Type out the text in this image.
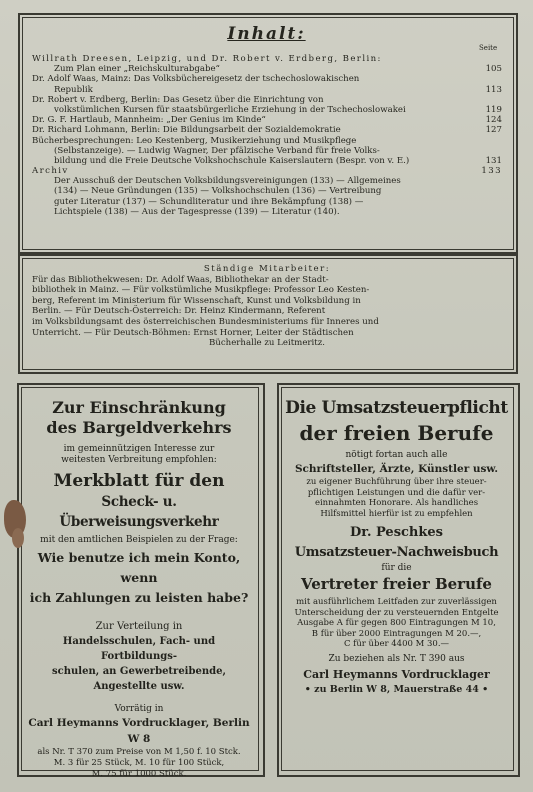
Inhalt:
Seite
Willrath Dreesen, Leipzig, und Dr. Robert v. Erdberg, Berlin:
Zum Plan einer „Reichskulturabgabe“	105
Dr. Adolf Waas, Mainz: Das Volksbüchereigesetz der tschechoslowakischen
Republik	113
Dr. Robert v. Erdberg, Berlin: Das Gesetz über die Einrichtung von
volkstümlichen Kursen für staatsbürgerliche Erziehung in der Tschechoslowakei	119
Dr. G. F. Hartlaub, Mannheim: „Der Genius im Kinde“	124
Dr. Richard Lohmann, Berlin: Die Bildungsarbeit der Sozialdemokratie	127
Bücherbesprechungen: Leo Kestenberg, Musikerziehung und Musikpflege
(Selbstanzeige). — Ludwig Wagner, Der pfälzische Verband für freie Volks-
bildung und die Freie Deutsche Volkshochschule Kaiserslautern (Bespr. von v. E.)	131
Archiv	133
Der Ausschuß der Deutschen Volksbildungsvereinigungen (133) — Allgemeines
(134) — Neue Gründungen (135) — Volkshochschulen (136) — Vertreibung
guter Literatur (137) — Schundliteratur und ihre Bekämpfung (138) —
Lichtspiele (138) — Aus der Tagespresse (139) — Literatur (140).
Ständige Mitarbeiter:
Für das Bibliothekwesen: Dr. Adolf Waas, Bibliothekar an der Stadt-
bibliothek in Mainz. — Für volkstümliche Musikpflege: Professor Leo Kesten-
berg, Referent im Ministerium für Wissenschaft, Kunst und Volksbildung in
Berlin. — Für Deutsch-Österreich: Dr. Heinz Kindermann, Referent
im Volksbildungsamt des österreichischen Bundesministeriums für Inneres und
Unterricht. — Für Deutsch-Böhmen: Ernst Horner, Leiter der Städtischen
Bücherhalle zu Leitmeritz.
Zur Einschränkung
des Bargeldverkehrs
im gemeinnützigen Interesse zur
weitesten Verbreitung empfohlen:
Merkblatt für den
Scheck- u. Überweisungsverkehr
mit den amtlichen Beispielen zu der Frage:
Wie benutze ich mein Konto, wenn
ich Zahlungen zu leisten habe?
Zur Verteilung in
Handelsschulen, Fach- und Fortbildungs-
schulen, an Gewerbetreibende,
Angestellte usw.
Vorrätig in
Carl Heymanns Vordrucklager, Berlin W 8
als Nr. T 370 zum Preise von M 1,50 f. 10 Stck.
M. 3 für 25 Stück, M. 10 für 100 Stück,
M. 75 für 1000 Stück.
Die Umsatzsteuerpflicht
der freien Berufe
nötigt fortan auch alle
Schriftsteller, Ärzte, Künstler usw.
zu eigener Buchführung über ihre steuer-
pflichtigen Leistungen und die dafür ver-
einnahmten Honorare. Als handliches
Hilfsmittel hierfür ist zu empfehlen
Dr. Peschkes
Umsatzsteuer-Nachweisbuch
für die
Vertreter freier Berufe
mit ausführlichem Leitfaden zur zuverlässigen
Unterscheidung der zu versteuernden Entgelte
Ausgabe A für gegen 800 Eintragungen M 10,
B für über 2000 Eintragungen M 20.—,
C für über 4400 M 30.—
Zu beziehen als Nr. T 390 aus
Carl Heymanns Vordrucklager
• zu Berlin W 8, Mauerstraße 44 •
